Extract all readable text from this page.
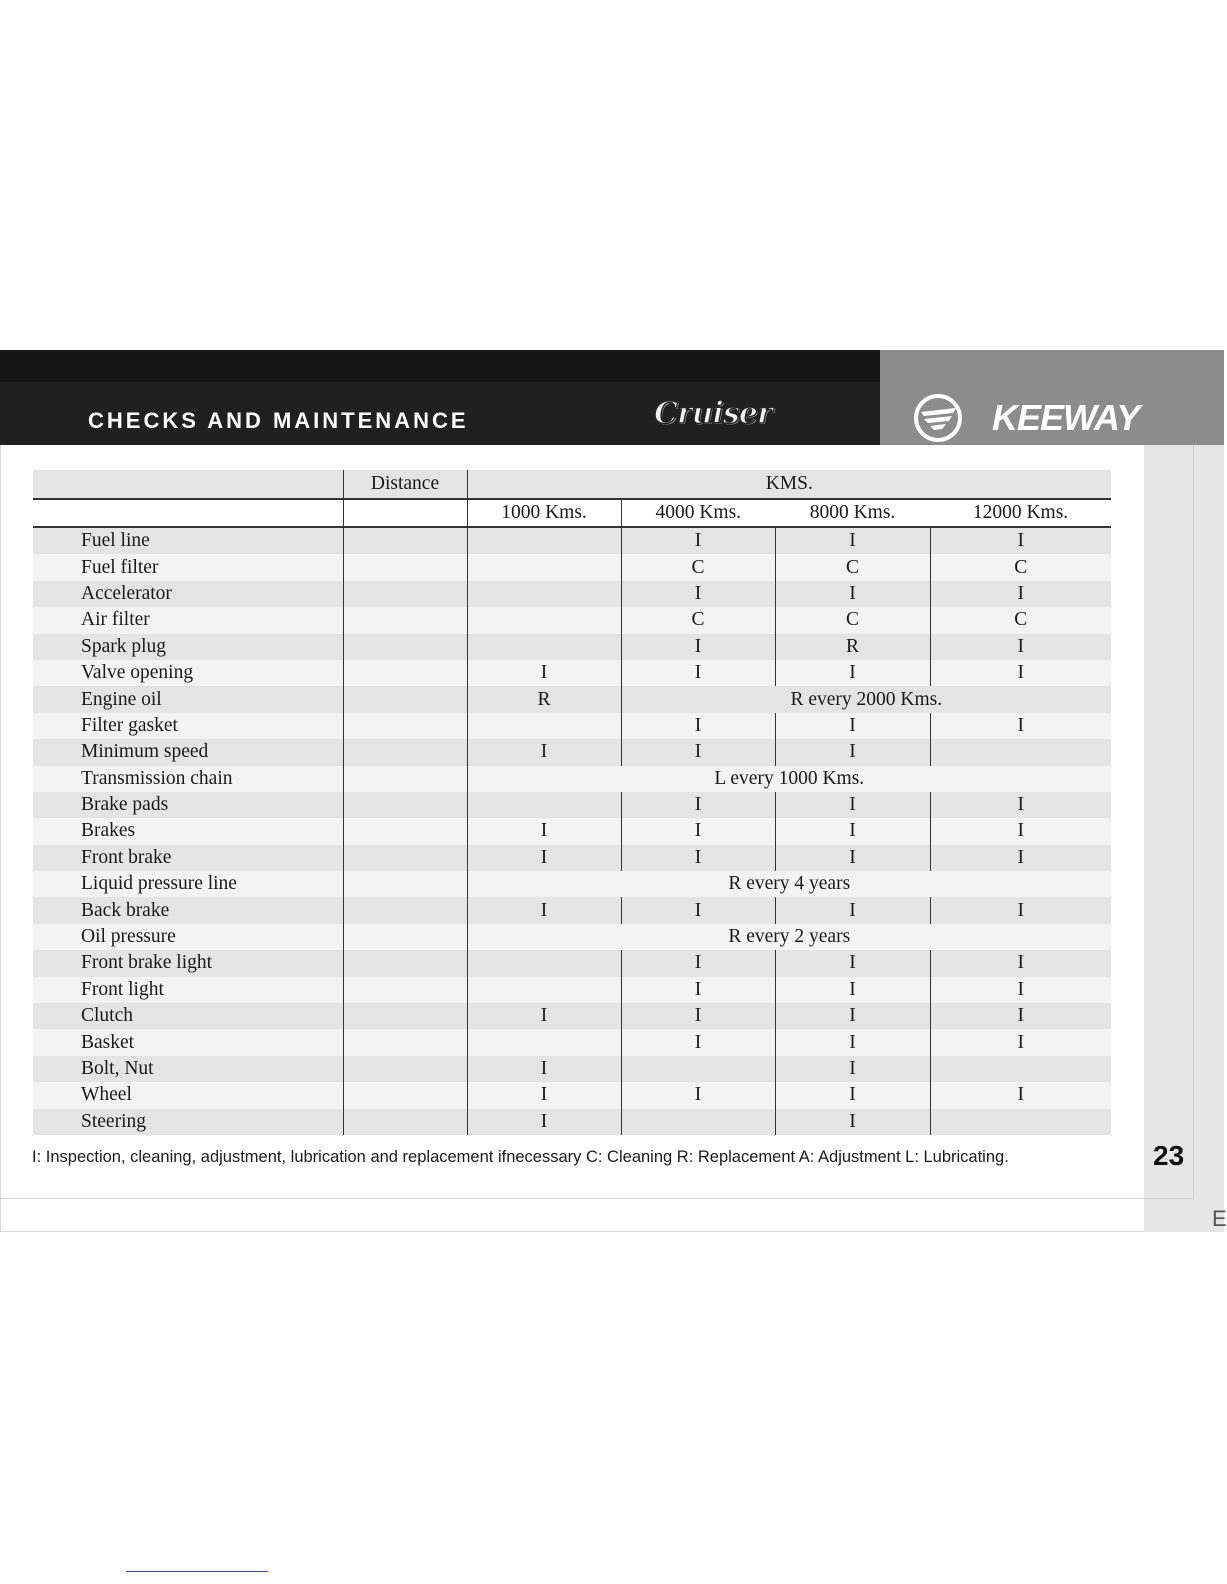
CHECKS AND MAINTENANCE	Cruiser	KEEWAY
	Distance	KMS.			
		1000 Kms.	4000 Kms.	8000 Kms.	12000 Kms.
Fuel line			I	I	I
Fuel filter			C	C	C
Accelerator			I	I	I
Air filter			C	C	C
Spark plug			I	R	I
Valve opening		I	I	I	I
Engine oil		R	R every 2000 Kms.		
Filter gasket			I	I	I
Minimum speed		I	I	I	
Transmission chain		L every 1000 Kms.			
Brake pads			I	I	I
Brakes		I	I	I	I
Front brake		I	I	I	I
Liquid pressure line		R every 4 years			
Back brake		I	I	I	I
Oil pressure		R every 2 years			
Front brake light			I	I	I
Front light			I	I	I
Clutch		I	I	I	I
Basket			I	I	I
Bolt, Nut		I		I	
Wheel		I	I	I	I
Steering		I		I	
I: Inspection, cleaning, adjustment, lubrication and replacement ifnecessary C: Cleaning R: Replacement A: Adjustment L: Lubricating.	23
E
